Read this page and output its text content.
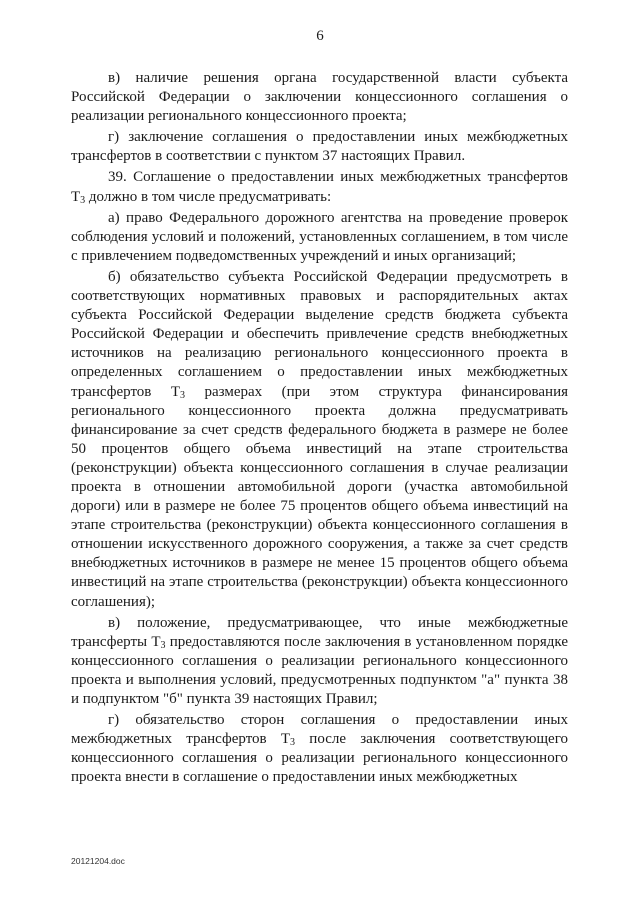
6

в) наличие решения органа государственной власти субъекта Российской Федерации о заключении концессионного соглашения о реализации регионального концессионного проекта;

г) заключение соглашения о предоставлении иных межбюджетных трансфертов в соответствии с пунктом 37 настоящих Правил.

39. Соглашение о предоставлении иных межбюджетных трансфертов $Т_3$ должно в том числе предусматривать:

а) право Федерального дорожного агентства на проведение проверок соблюдения условий и положений, установленных соглашением, в том числе с привлечением подведомственных учреждений и иных организаций;

б) обязательство субъекта Российской Федерации предусмотреть в соответствующих нормативных правовых и распорядительных актах субъекта Российской Федерации выделение средств бюджета субъекта Российской Федерации и обеспечить привлечение средств внебюджетных источников на реализацию регионального концессионного проекта в определенных соглашением о предоставлении иных межбюджетных трансфертов $Т_3$ размерах (при этом структура финансирования регионального концессионного проекта должна предусматривать финансирование за счет средств федерального бюджета в размере не более 50 процентов общего объема инвестиций на этапе строительства (реконструкции) объекта концессионного соглашения в случае реализации проекта в отношении автомобильной дороги (участка автомобильной дороги) или в размере не более 75 процентов общего объема инвестиций на этапе строительства (реконструкции) объекта концессионного соглашения в отношении искусственного дорожного сооружения, а также за счет средств внебюджетных источников в размере не менее 15 процентов общего объема инвестиций на этапе строительства (реконструкции) объекта концессионного соглашения);

в) положение, предусматривающее, что иные межбюджетные трансферты $Т_3$ предоставляются после заключения в установленном порядке концессионного соглашения о реализации регионального концессионного проекта и выполнения условий, предусмотренных подпунктом "а" пункта 38 и подпунктом "б" пункта 39 настоящих Правил;

г) обязательство сторон соглашения о предоставлении иных межбюджетных трансфертов $Т_3$ после заключения соответствующего концессионного соглашения о реализации регионального концессионного проекта внести в соглашение о предоставлении иных межбюджетных

20121204.doc
